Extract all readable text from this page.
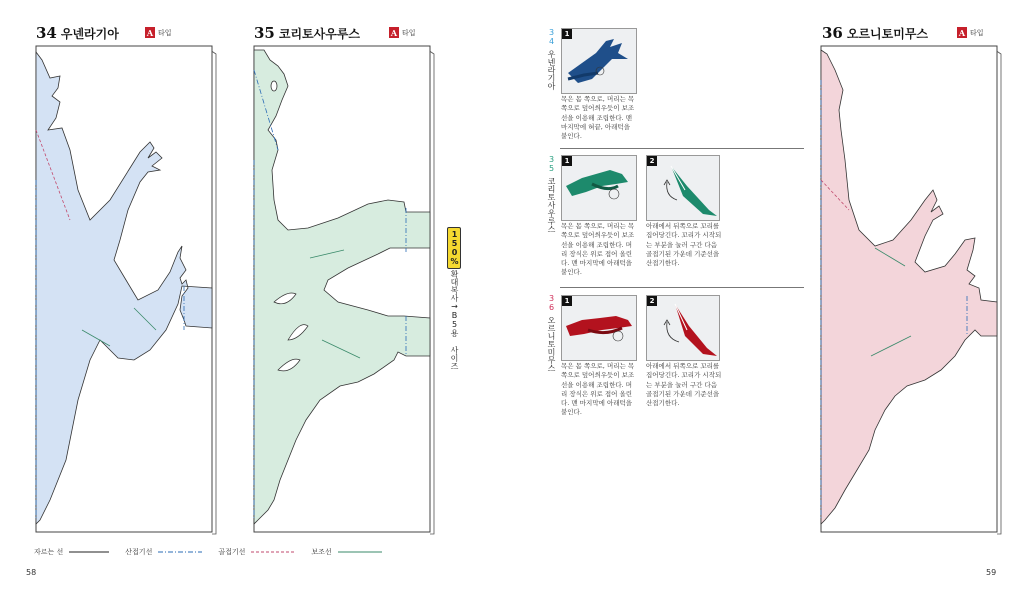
34 우넨라기아	A 타입	35 코리토사우루스	A 타입
150%
확대복사→B5용 사이즈
자르는 선	산접기선	골접기선	보조선
58
34
우넨라기아
1
목은 몸 쪽으로, 머리는 목 쪽으로 덮어씌우듯이 보조선을 이용해 조립한다. 맨 마지막에 혀끝, 아래턱을 붙인다.
35
코리토사우루스
1	2
목은 몸 쪽으로, 머리는 목 쪽으로 덮어씌우듯이 보조선을 이용해 조립한다. 머리 장식은 위로 접어 올린다. 맨 마지막에 아래턱을 붙인다.
아래에서 뒤쪽으로 꼬리를 집어당긴다. 꼬리가 시작되는 부분을 눌러 구간 다음 골접기된 가운데 기준선을 산접기한다.
36
오르니토미무스
1	2
목은 몸 쪽으로, 머리는 목 쪽으로 덮어씌우듯이 보조선을 이용해 조립한다. 머리 장식은 위로 접어 올린다. 맨 마지막에 아래턱을 붙인다.
아래에서 뒤쪽으로 꼬리를 집어당긴다. 꼬리가 시작되는 부분을 눌러 구간 다음 골접기된 가운데 기준선을 산접기한다.
36 오르니토미무스	A 타입
59
